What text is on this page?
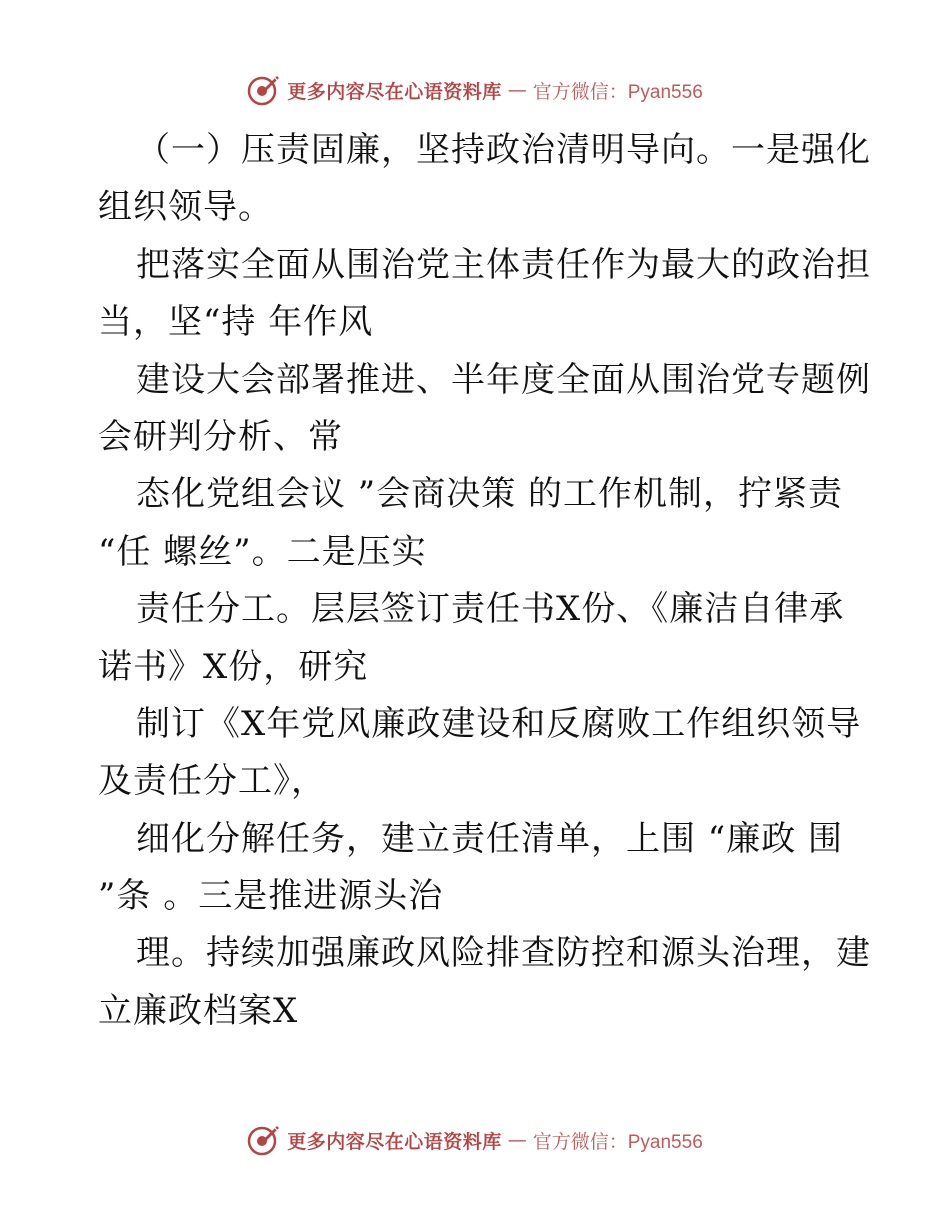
更多内容尽在心语资料库 — 官方微信：Pyan556
（一）压责固廉，坚持政治清明导向。一是强化
组织领导。
把落实全面从围治党主体责任作为最大的政治担
当，坚“持 年作风
建设大会部署推进、半年度全面从围治党专题例
会研判分析、常
态化党组会议 ”会商决策 的工作机制，拧紧责
“任 螺丝”。二是压实
责任分工。层层签订责任书X份、《廉洁自律承
诺书》X份，研究
制订《X年党风廉政建设和反腐败工作组织领导
及责任分工》，
细化分解任务，建立责任清单，上围 “廉政 围
”条 。三是推进源头治
理。持续加强廉政风险排查防控和源头治理，建
立廉政档案X
更多内容尽在心语资料库 — 官方微信：Pyan556
